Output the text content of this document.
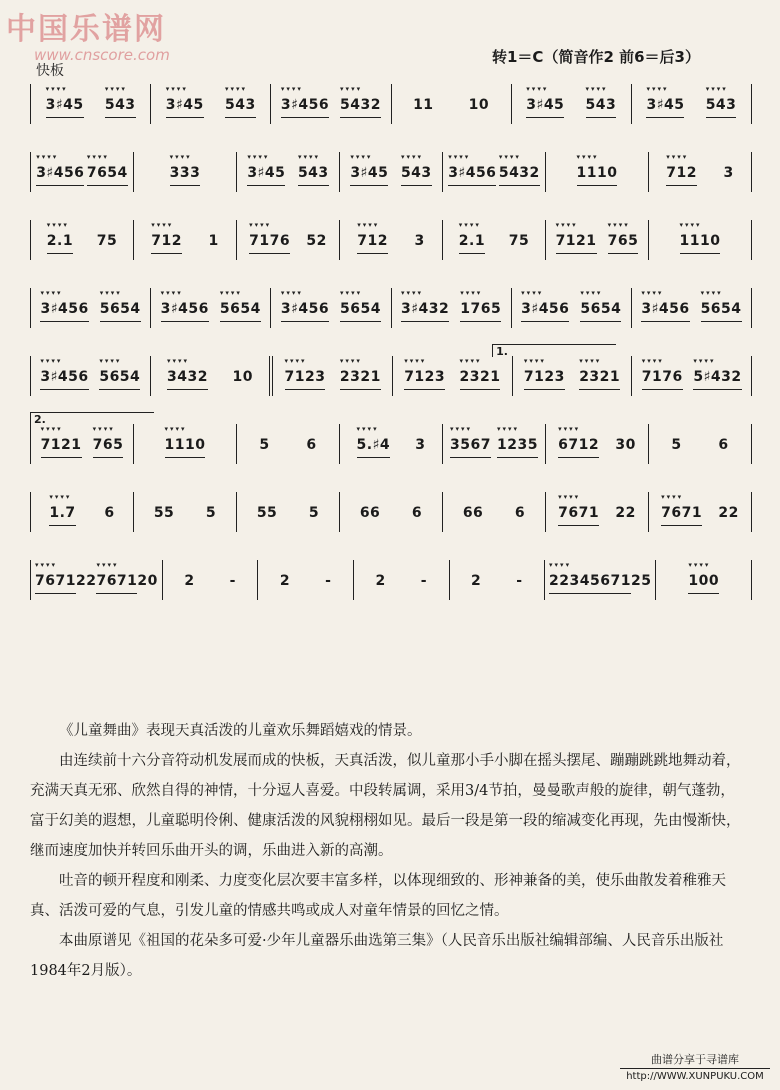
中国乐谱网
www.cnscore.com
快板
转1＝C（简音作2 前6＝后3）
▾▾▾▾ 3♯45 ▾▾▾▾ 543 ▾▾▾▾ 3♯45 ▾▾▾▾ 543 ▾▾▾▾ 3♯456 ▾▾▾▾ 5432 11	10	▾▾▾▾ 3♯45 ▾▾▾▾ 543 ▾▾▾▾ 3♯45 ▾▾▾▾ 543
▾▾▾▾ 3♯456 ▾▾▾▾ 7654	▾▾▾▾ 333	▾▾▾▾ 3♯45 ▾▾▾▾ 543 ▾▾▾▾ 3♯45 ▾▾▾▾ 543 ▾▾▾▾ 3♯456 ▾▾▾▾ 5432	▾▾▾▾ 1110	▾▾▾▾ 712 3
▾▾▾▾ 2.1 75 ▾▾▾▾ 712 1 ▾▾▾▾ 7176 52 ▾▾▾▾ 712 3 ▾▾▾▾ 2.1 75 ▾▾▾▾ 7121 ▾▾▾▾ 765	▾▾▾▾ 1110
▾▾▾▾ 3♯456 ▾▾▾▾ 5654 ▾▾▾▾ 3♯456 ▾▾▾▾ 5654 ▾▾▾▾ 3♯456 ▾▾▾▾ 5654 ▾▾▾▾ 3♯432 ▾▾▾▾ 1765 ▾▾▾▾ 3♯456 ▾▾▾▾ 5654 ▾▾▾▾ 3♯456 ▾▾▾▾ 5654
1.
▾▾▾▾ 3♯456 ▾▾▾▾ 5654 ▾▾▾▾ 3432 10 ▾▾▾▾ 7123 ▾▾▾▾ 2321 ▾▾▾▾ 7123 ▾▾▾▾ 2321 ▾▾▾▾ 7123 ▾▾▾▾ 2321 ▾▾▾▾ 7176 ▾▾▾▾ 5♯432
2.
▾▾▾▾ 7121 ▾▾▾▾ 765	▾▾▾▾ 1110	5	6	▾▾▾▾ 5.♯4 3 ▾▾▾▾ 3567 ▾▾▾▾ 1235 ▾▾▾▾ 6712 30	5	6
▾▾▾▾ 1.7 6	55 5	55 5	66 6	66 6 ▾▾▾▾ 7671 22 ▾▾▾▾ 7671 22
▾▾▾▾ 7671 22 ▾▾▾▾ 7671 20 2 -	2 -	2 -	2 - ▾▾▾▾ 22345671 25	▾▾▾▾ 100

《儿童舞曲》表现天真活泼的儿童欢乐舞蹈嬉戏的情景。

由连续前十六分音符动机发展而成的快板，天真活泼，似儿童那小手小脚在摇头摆尾、蹦蹦跳跳地舞动着，充满天真无邪、欣然自得的神情，十分逗人喜爱。中段转属调，采用3/4节拍，曼曼歌声般的旋律，朝气蓬勃，富于幻美的遐想，儿童聪明伶俐、健康活泼的风貌栩栩如见。最后一段是第一段的缩减变化再现，先由慢渐快，继而速度加快并转回乐曲开头的调，乐曲进入新的高潮。

吐音的顿开程度和刚柔、力度变化层次要丰富多样，以体现细致的、形神兼备的美，使乐曲散发着稚雅天真、活泼可爱的气息，引发儿童的情感共鸣或成人对童年情景的回忆之情。

本曲原谱见《祖国的花朵多可爱·少年儿童器乐曲选第三集》（人民音乐出版社编辑部编、人民音乐出版社1984年2月版）。

曲谱分享于寻谱库
http://WWW.XUNPUKU.COM
